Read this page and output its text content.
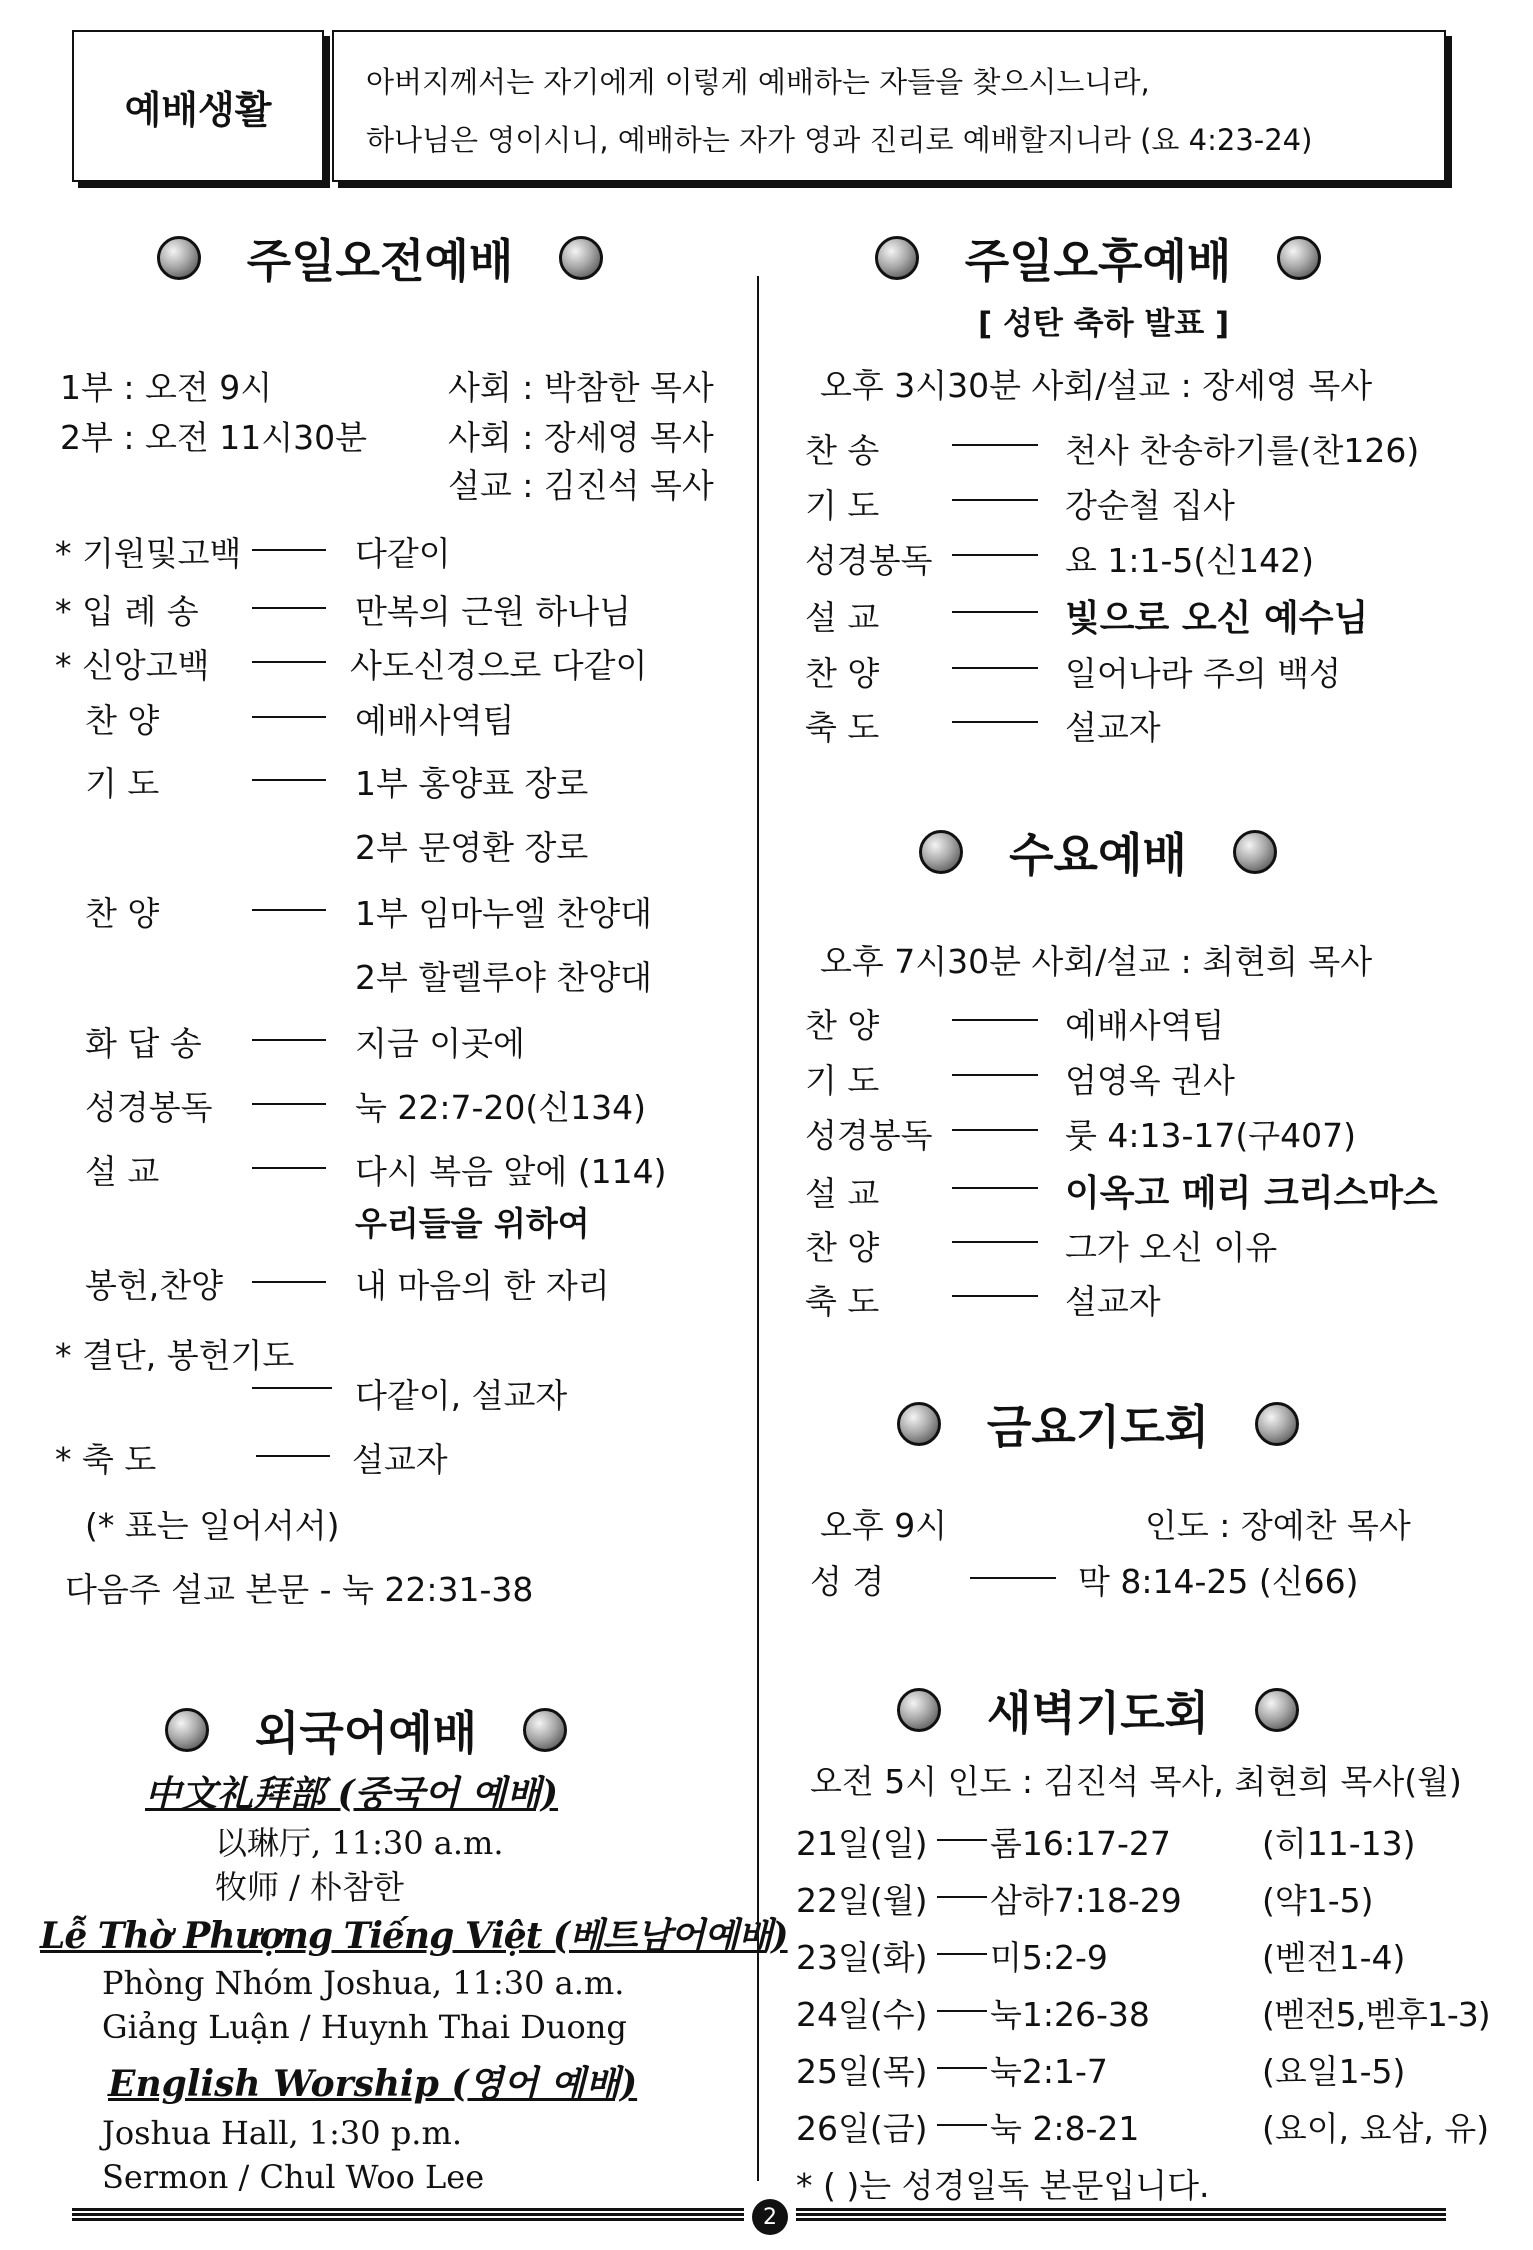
예배생활
아버지께서는 자기에게 이렇게 예배하는 자들을 찾으시느니라,
하나님은 영이시니, 예배하는 자가 영과 진리로 예배할지니라 (요 4:23-24)
주일오전예배
1부 : 오전 9시	사회 : 박참한 목사
2부 : 오전 11시30분 사회 : 장세영 목사
설교 : 김진석 목사
* 기원및고백	다같이
* 입 례 송	만복의 근원 하나님
* 신앙고백	사도신경으로 다같이
찬 양	예배사역팀
기 도	1부 홍양표 장로
2부 문영환 장로
찬 양	1부 임마누엘 찬양대
2부 할렐루야 찬양대
화 답 송	지금 이곳에
성경봉독	눅 22:7-20(신134)
설 교	다시 복음 앞에 (114)
우리들을 위하여
봉헌,찬양	내 마음의 한 자리
* 결단, 봉헌기도
다같이, 설교자
* 축 도	설교자
(* 표는 일어서서)
다음주 설교 본문 - 눅 22:31-38
외국어예배
中文礼拜部 (중국어 예배)
以琳厅, 11:30 a.m.
牧师 / 朴참한
Lễ Thờ Phượng Tiếng Việt (베트남어예배)
Phòng Nhóm Joshua, 11:30 a.m.
Giảng Luận / Huynh Thai Duong
English Worship (영어 예배)
Joshua Hall, 1:30 p.m.
Sermon / Chul Woo Lee
주일오후예배
[ 성탄 축하 발표 ]
오후 3시30분 사회/설교 : 장세영 목사
찬 송	천사 찬송하기를(찬126)
기 도	강순철 집사
성경봉독	요 1:1-5(신142)
설 교	빛으로 오신 예수님
찬 양	일어나라 주의 백성
축 도	설교자
수요예배
오후 7시30분 사회/설교 : 최현희 목사
찬 양	예배사역팀
기 도	엄영옥 권사
성경봉독	룻 4:13-17(구407)
설 교	이옥고 메리 크리스마스
찬 양	그가 오신 이유
축 도	설교자
금요기도회
오후 9시	인도 : 장예찬 목사
성 경	막 8:14-25 (신66)
새벽기도회
오전 5시 인도 : 김진석 목사, 최현희 목사(월)
21일(일) 롬16:17-27	(히11-13)
22일(월) 삼하7:18-29 (약1-5)
23일(화) 미5:2-9	(벧전1-4)
24일(수) 눅1:26-38	(벧전5,벧후1-3)
25일(목) 눅2:1-7	(요일1-5)
26일(금) 눅 2:8-21	(요이, 요삼, 유)
* ( )는 성경일독 본문입니다.
2
